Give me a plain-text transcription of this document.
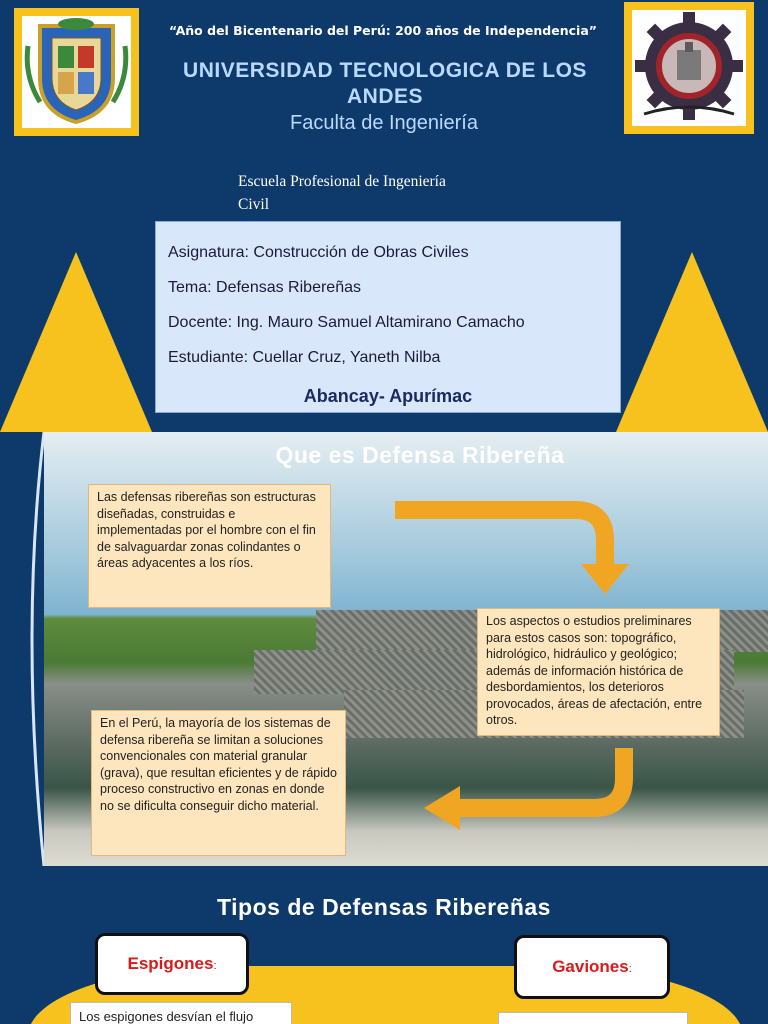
“Año del Bicentenario del Perú: 200 años de Independencia”
UNIVERSIDAD TECNOLOGICA DE LOS
ANDES
Faculta de Ingeniería
Escuela Profesional de Ingeniería
Civil
Asignatura: Construcción de Obras Civiles
Tema: Defensas Ribereñas
Docente: Ing. Mauro Samuel Altamirano Camacho
Estudiante: Cuellar Cruz, Yaneth Nilba
Abancay- Apurímac
Que es Defensa Ribereña
Las defensas ribereñas son estructuras diseñadas, construidas e implementadas por el hombre con el fin de salvaguardar zonas colindantes o áreas adyacentes a los ríos.
Los aspectos o estudios preliminares para estos casos son: topográfico, hidrológico, hidráulico y geológico; además de información histórica de desbordamientos, los deterioros provocados, áreas de afectación, entre otros.
En el Perú, la mayoría de los sistemas de defensa ribereña se limitan a soluciones convencionales con material granular (grava), que resultan eficientes y de rápido proceso constructivo en zonas en donde no se dificulta conseguir dicho material.
Tipos de Defensas Ribereñas
Espigones:	Gaviones:
Los espigones desvían el flujo
